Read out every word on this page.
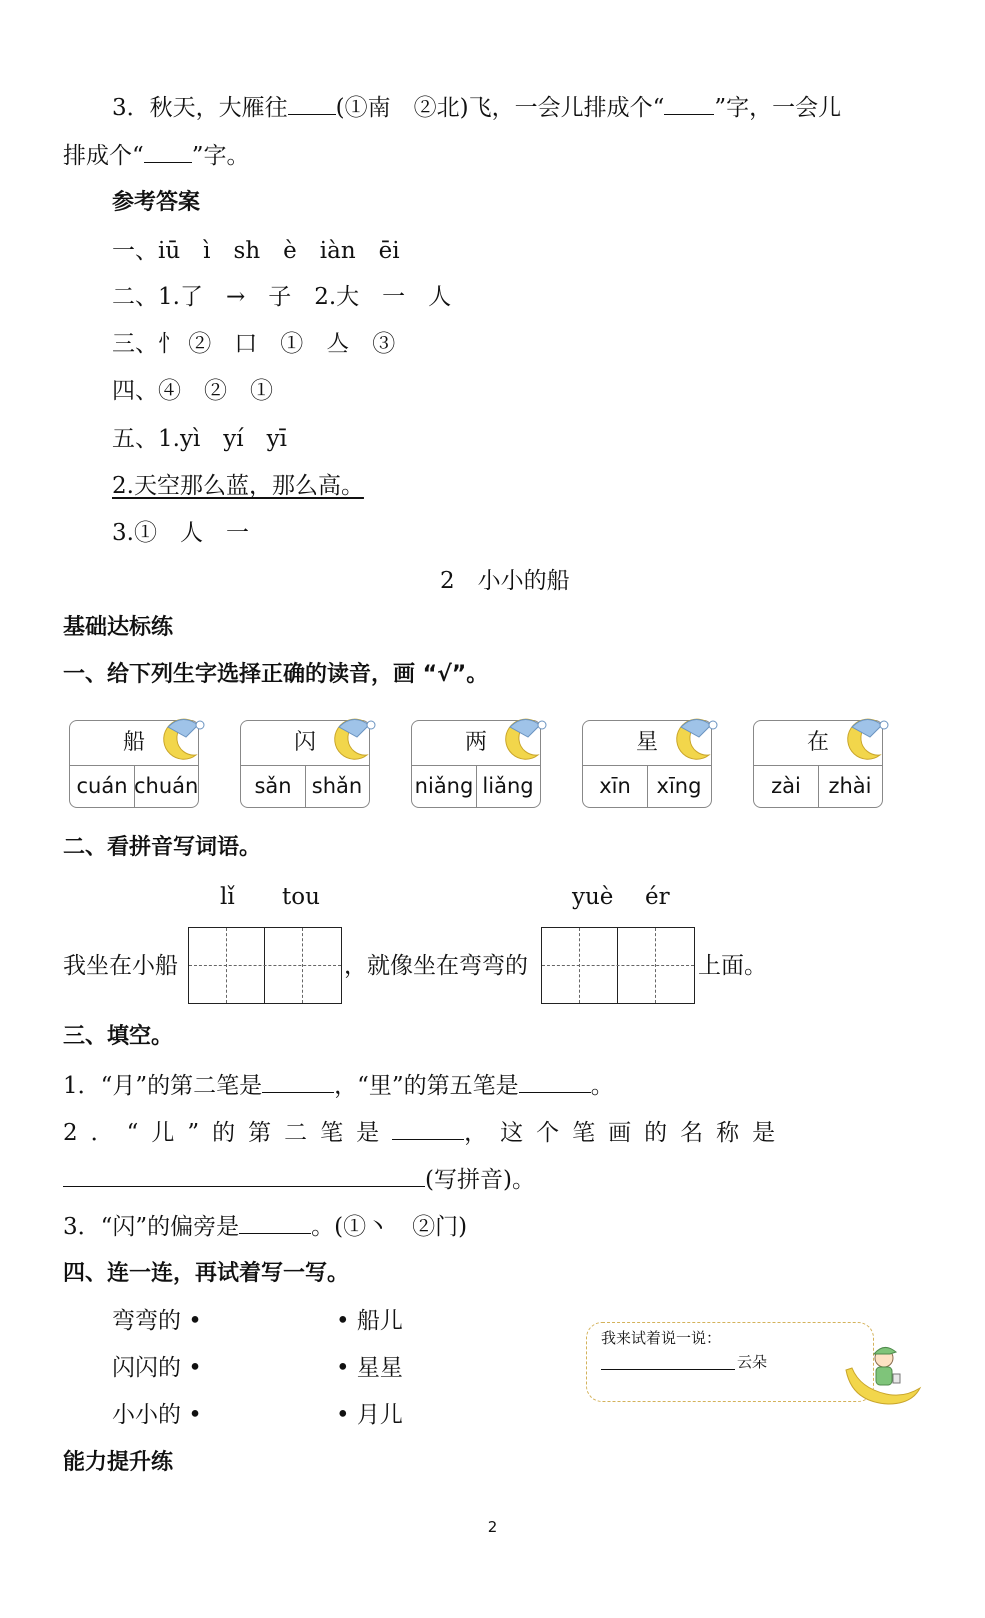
3．秋天，大雁往 (①南　②北)飞，一会儿排成个“ ”字，一会儿
排成个“ ”字。
参考答案
一、iū　ì　sh　è　iàn　ēi
二、1.了　→　子　2.大　一　人
三、忄 ②　口　①　亼　③
四、④　②　①
五、1.yì　yí　yī
2.天空那么蓝，那么高。
3.①　人　一
2　小小的船
基础达标练
一、给下列生字选择正确的读音，画 “√”。
船
cuán chuán
闪
sǎn shǎn
两
niǎng liǎng
星
xīn	xīng
在
zài	zhài
二、看拼音写词语。
lǐ tou	yuè ér
我坐在小船	，就像坐在弯弯的	上面。
三、填空。
1．“月”的第二笔是	，“里”的第五笔是	。
2．“儿”的第二笔是	，这个笔画的名称是
(写拼音)。
3．“闪”的偏旁是	。(①丶　②门)
四、连一连，再试着写一写。
弯弯的 •
闪闪的 •
小小的 •
• 船儿
• 星星
• 月儿
我来试着说一说：
云朵
能力提升练
2
